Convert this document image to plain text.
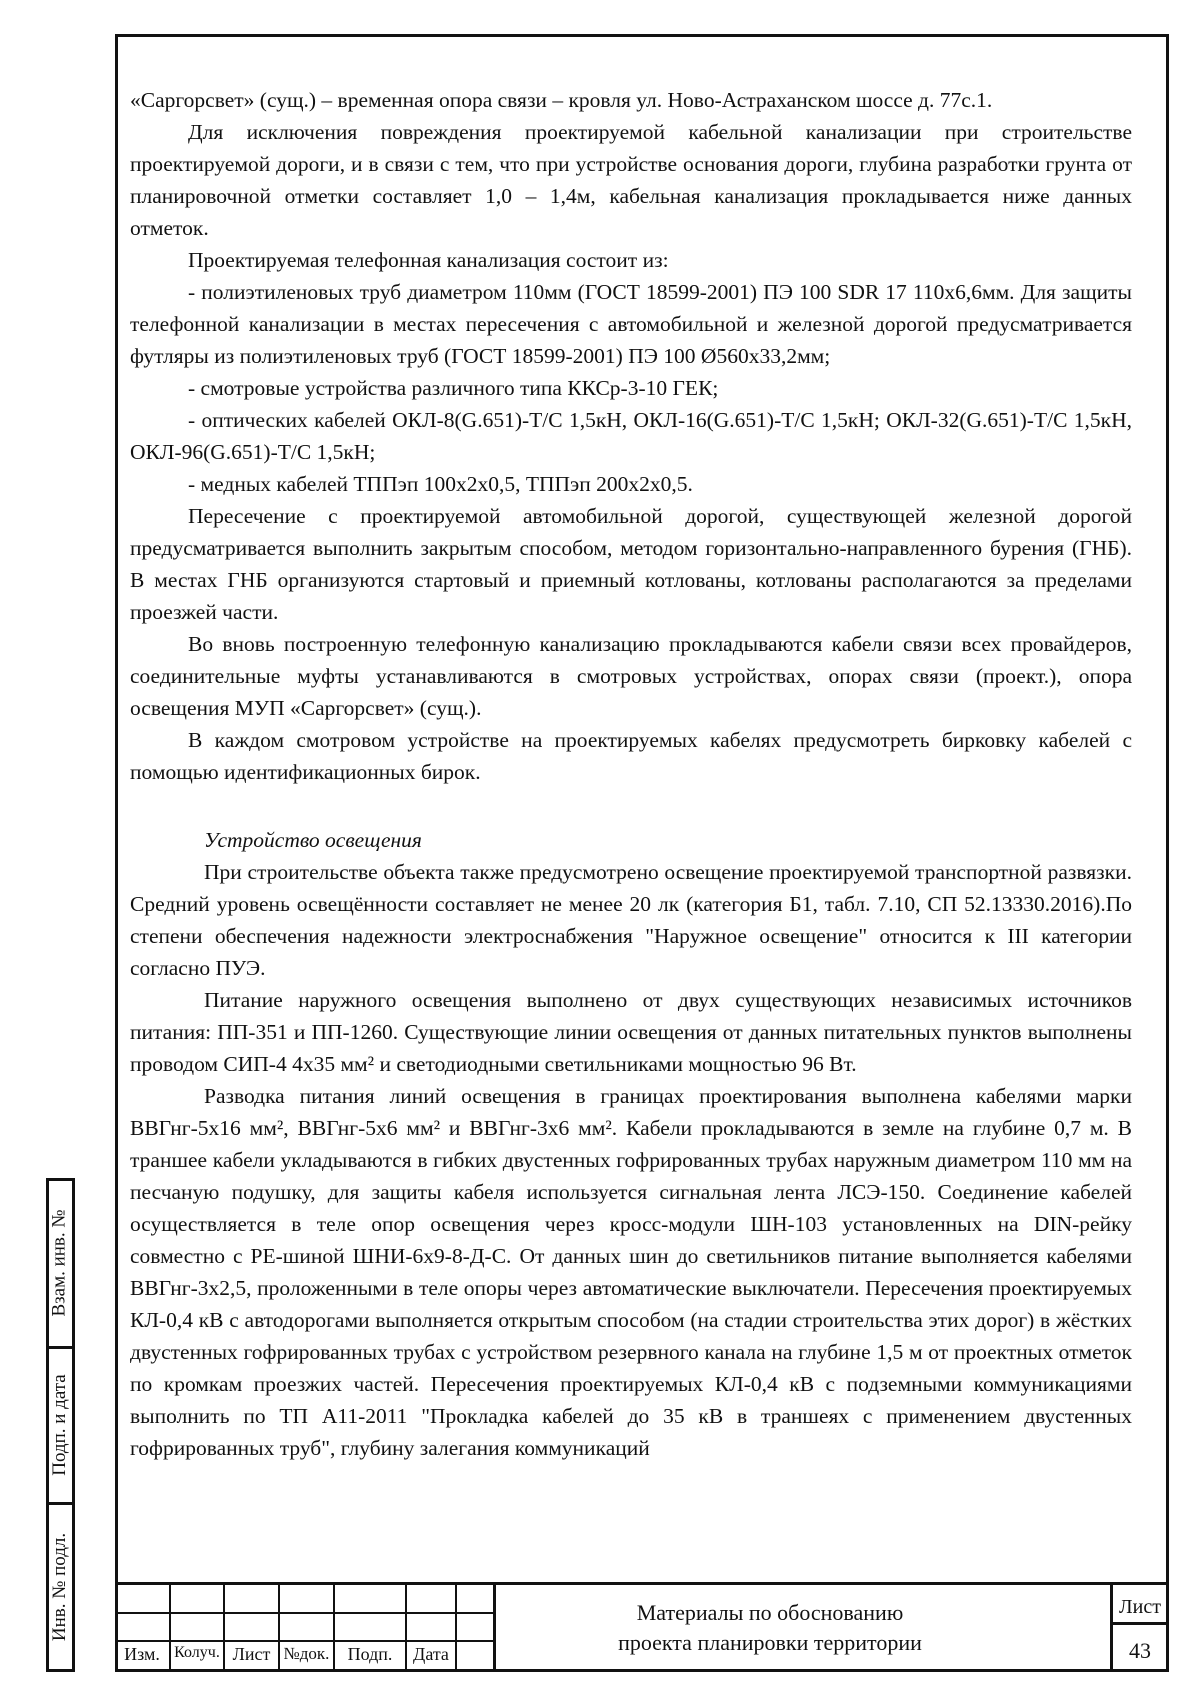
«Саргорсвет» (сущ.) – временная опора связи – кровля ул. Ново-Астраханском шоссе д. 77с.1.

Для исключения повреждения проектируемой кабельной канализации при строительстве проектируемой дороги, и в связи с тем, что при устройстве основания дороги, глубина разработки грунта от планировочной отметки составляет 1,0 – 1,4м, кабельная канализация прокладывается ниже данных отметок.

Проектируемая телефонная канализация состоит из:

- полиэтиленовых труб диаметром 110мм (ГОСТ 18599-2001) ПЭ 100 SDR 17 110х6,6мм. Для защиты телефонной канализации в местах пересечения с автомобильной и железной дорогой предусматривается футляры из полиэтиленовых труб (ГОСТ 18599-2001) ПЭ 100 Ø560х33,2мм;

- смотровые устройства различного типа ККСр-3-10 ГЕК;

- оптических кабелей ОКЛ-8(G.651)-Т/С 1,5кН, ОКЛ-16(G.651)-Т/С 1,5кН; ОКЛ-32(G.651)-Т/С 1,5кН, ОКЛ-96(G.651)-Т/С 1,5кН;

- медных кабелей ТППэп 100х2х0,5, ТППэп 200х2х0,5.

Пересечение с проектируемой автомобильной дорогой, существующей железной дорогой предусматривается выполнить закрытым способом, методом горизонтально-направленного бурения (ГНБ). В местах ГНБ организуются стартовый и приемный котлованы, котлованы располагаются за пределами проезжей части.

Во вновь построенную телефонную канализацию прокладываются кабели связи всех провайдеров, соединительные муфты устанавливаются в смотровых устройствах, опорах связи (проект.), опора освещения МУП «Саргорсвет» (сущ.).

В каждом смотровом устройстве на проектируемых кабелях предусмотреть бирковку кабелей с помощью идентификационных бирок.

Устройство освещения

При строительстве объекта также предусмотрено освещение проектируемой транспортной развязки. Средний уровень освещённости составляет не менее 20 лк (категория Б1, табл. 7.10, СП 52.13330.2016).По степени обеспечения надежности электроснабжения "Наружное освещение" относится к III категории согласно ПУЭ.

Питание наружного освещения выполнено от двух существующих независимых источников питания: ПП-351 и ПП-1260. Существующие линии освещения от данных питательных пунктов выполнены проводом СИП-4 4х35 мм² и светодиодными светильниками мощностью 96 Вт.

Разводка питания линий освещения в границах проектирования выполнена кабелями марки ВВГнг-5х16 мм², ВВГнг-5х6 мм² и ВВГнг-3х6 мм². Кабели прокладываются в земле на глубине 0,7 м. В траншее кабели укладываются в гибких двустенных гофрированных трубах наружным диаметром 110 мм на песчаную подушку, для защиты кабеля используется сигнальная лента ЛСЭ-150. Соединение кабелей осуществляется в теле опор освещения через кросс-модули ШН-103 установленных на DIN-рейку совместно с РЕ-шиной ШНИ-6х9-8-Д-С. От данных шин до светильников питание выполняется кабелями ВВГнг-3х2,5, проложенными в теле опоры через автоматические выключатели. Пересечения проектируемых КЛ-0,4 кВ с автодорогами выполняется открытым способом (на стадии строительства этих дорог) в жёстких двустенных гофрированных трубах с устройством резервного канала на глубине 1,5 м от проектных отметок по кромкам проезжих частей. Пересечения проектируемых КЛ-0,4 кВ с подземными коммуникациями выполнить по ТП А11-2011 "Прокладка кабелей до 35 кВ в траншеях с применением двустенных гофрированных труб", глубину залегания коммуникаций

Взам. инв. №
Подп. и дата
Инв. № подл.
Изм. Колуч. Лист №док.	Подп.	Дата
Материалы по обоснованию
проекта планировки территории
Лист
43
